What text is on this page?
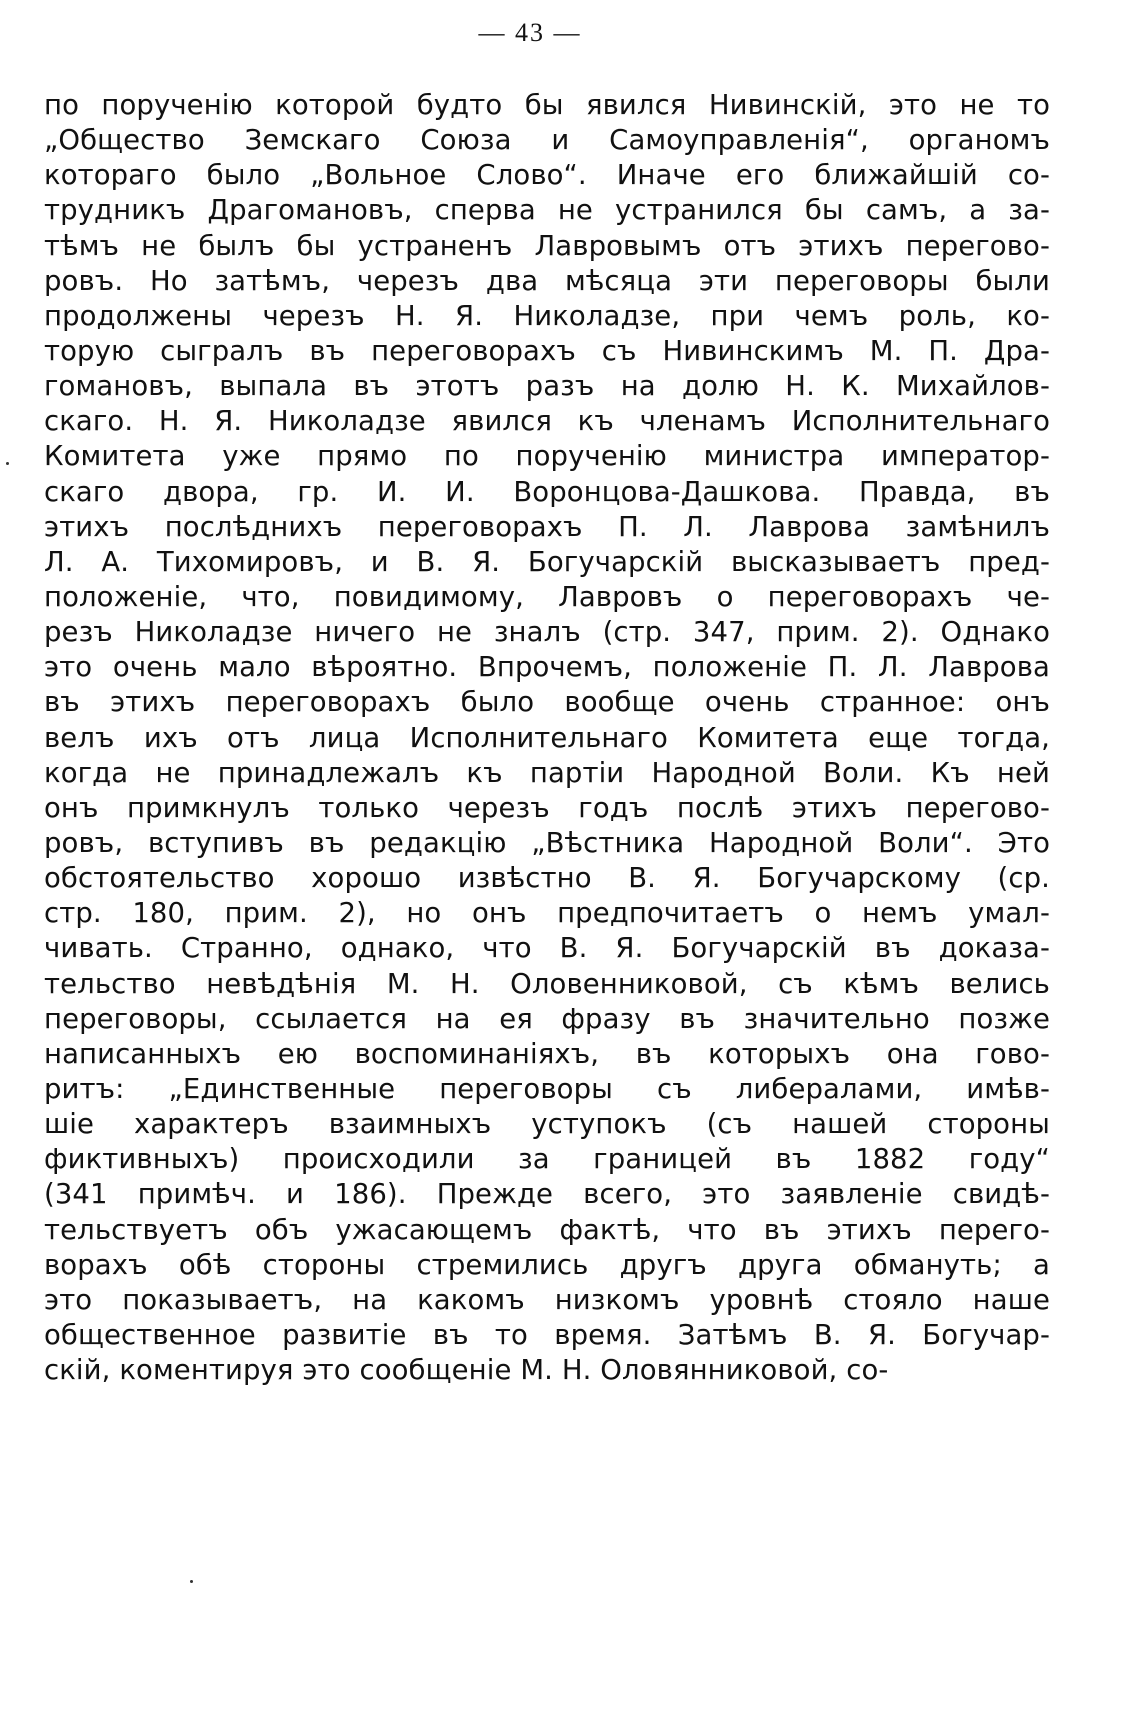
— 43 —
по порученію которой будто бы явился Нивинскій, это не то
„Общество Земскаго Союза и Самоуправленія“, органомъ
котораго было „Вольное Слово“. Иначе его ближайшій со-
трудникъ Драгомановъ, сперва не устранился бы самъ, а за-
тѣмъ не былъ бы устраненъ Лавровымъ отъ этихъ перегово-
ровъ. Но затѣмъ, черезъ два мѣсяца эти переговоры были
продолжены черезъ Н. Я. Николадзе, при чемъ роль, ко-
торую сыгралъ въ переговорахъ съ Нивинскимъ М. П. Дра-
гомановъ, выпала въ этотъ разъ на долю Н. К. Михайлов-
скаго. Н. Я. Николадзе явился къ членамъ Исполнительнаго
Комитета уже прямо по порученію министра император-
скаго двора, гр. И. И. Воронцова-Дашкова. Правда, въ
этихъ послѣднихъ переговорахъ П. Л. Лаврова замѣнилъ
Л. А. Тихомировъ, и В. Я. Богучарскій высказываетъ пред-
положеніе, что, повидимому, Лавровъ о переговорахъ че-
резъ Николадзе ничего не зналъ (стр. 347, прим. 2). Однако
это очень мало вѣроятно. Впрочемъ, положеніе П. Л. Лаврова
въ этихъ переговорахъ было вообще очень странное: онъ
велъ ихъ отъ лица Исполнительнаго Комитета еще тогда,
когда не принадлежалъ къ партіи Народной Воли. Къ ней
онъ примкнулъ только черезъ годъ послѣ этихъ перегово-
ровъ, вступивъ въ редакцію „Вѣстника Народной Воли“. Это
обстоятельство хорошо извѣстно В. Я. Богучарскому (ср.
стр. 180, прим. 2), но онъ предпочитаетъ о немъ умал-
чивать. Странно, однако, что В. Я. Богучарскій въ доказа-
тельство невѣдѣнія М. Н. Оловенниковой, съ кѣмъ велись
переговоры, ссылается на ея фразу въ значительно позже
написанныхъ ею воспоминаніяхъ, въ которыхъ она гово-
ритъ: „Единственные переговоры съ либералами, имѣв-
шіе характеръ взаимныхъ уступокъ (съ нашей стороны
фиктивныхъ) происходили за границей въ 1882 году“
(341 примѣч. и 186). Прежде всего, это заявленіе свидѣ-
тельствуетъ объ ужасающемъ фактѣ, что въ этихъ перего-
ворахъ обѣ стороны стремились другъ друга обмануть; а
это показываетъ, на какомъ низкомъ уровнѣ стояло наше
общественное развитіе въ то время. Затѣмъ В. Я. Богучар-
скій, коментируя это сообщеніе М. Н. Оловянниковой, со-
